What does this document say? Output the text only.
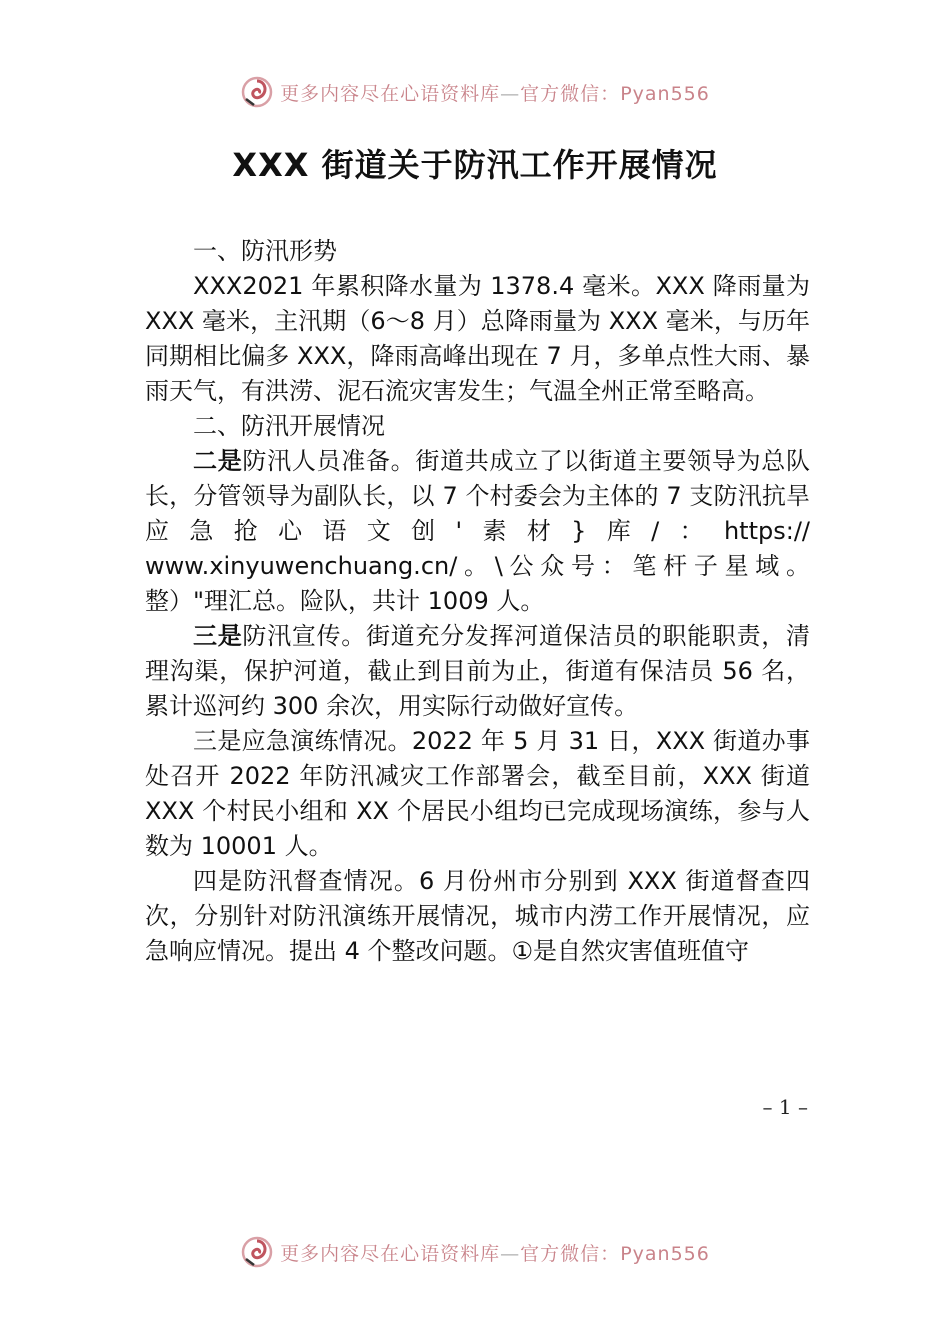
更多内容尽在心语资料库—官方微信：Pyan556
XXX 街道关于防汛工作开展情况

一、防汛形势

XXX2021 年累积降水量为 1378.4 毫米。XXX 降雨量为 XXX 毫米，主汛期（6～8 月）总降雨量为 XXX 毫米，与历年同期相比偏多 XXX，降雨高峰出现在 7 月，多单点性大雨、暴雨天气，有洪涝、泥石流灾害发生；气温全州正常至略高。

二、防汛开展情况

二是防汛人员准备。街道共成立了以街道主要领导为总队长，分管领导为副队长，以 7 个村委会为主体的 7 支防汛抗旱应急抢心语文创'素材}库/：https:// www.xinyuwenchuang.cn/。\公众号：笔杆子星域。整）"理汇总。险队，共计 1009 人。

三是防汛宣传。街道充分发挥河道保洁员的职能职责，清理沟渠，保护河道，截止到目前为止，街道有保洁员 56 名，累计巡河约 300 余次，用实际行动做好宣传。

三是应急演练情况。2022 年 5 月 31 日，XXX 街道办事处召开 2022 年防汛减灾工作部署会，截至目前，XXX 街道 XXX 个村民小组和 XX 个居民小组均已完成现场演练，参与人数为 10001 人。

四是防汛督查情况。6 月份州市分别到 XXX 街道督查四次，分别针对防汛演练开展情况，城市内涝工作开展情况，应急响应情况。提出 4 个整改问题。①是自然灾害值班值守

– 1 –
更多内容尽在心语资料库—官方微信：Pyan556
